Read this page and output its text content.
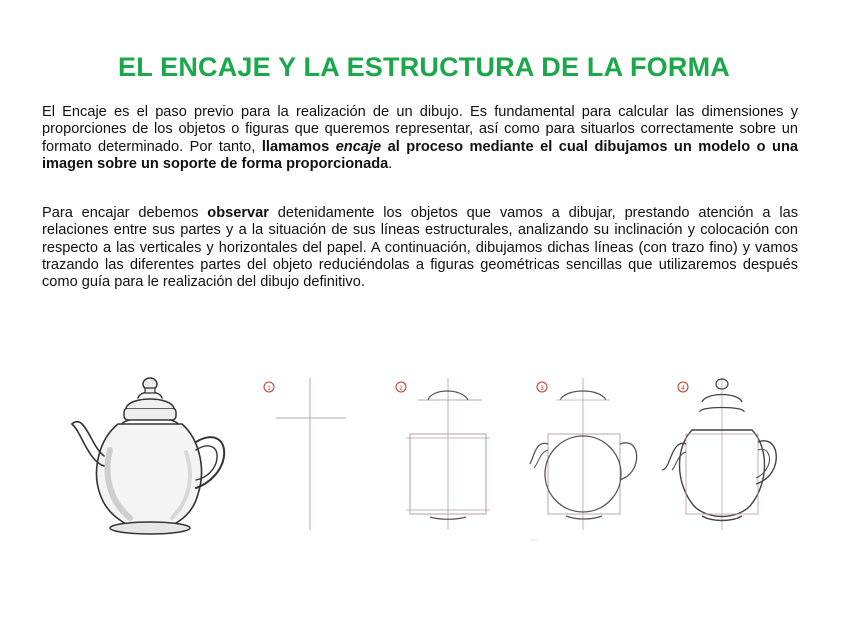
EL ENCAJE Y LA ESTRUCTURA DE LA FORMA

El Encaje es el paso previo para la realización de un dibujo. Es fundamental para calcular las dimensiones y proporciones de los objetos o figuras que queremos representar, así como para situarlos correctamente sobre un formato determinado. Por tanto, llamamos encaje al proceso mediante el cual dibujamos un modelo o una imagen sobre un soporte de forma proporcionada.

Para encajar debemos observar detenidamente los objetos que vamos a dibujar, prestando atención a las relaciones entre sus partes y a la situación de sus líneas estructurales, analizando su inclinación y colocación con respecto a las verticales y horizontales del papel. A continuación, dibujamos dichas líneas (con trazo fino) y vamos trazando las diferentes partes del objeto reduciéndolas a figuras geométricas sencillas que utilizaremos después como guía para le realización del dibujo definitivo.

1	2	3	4
